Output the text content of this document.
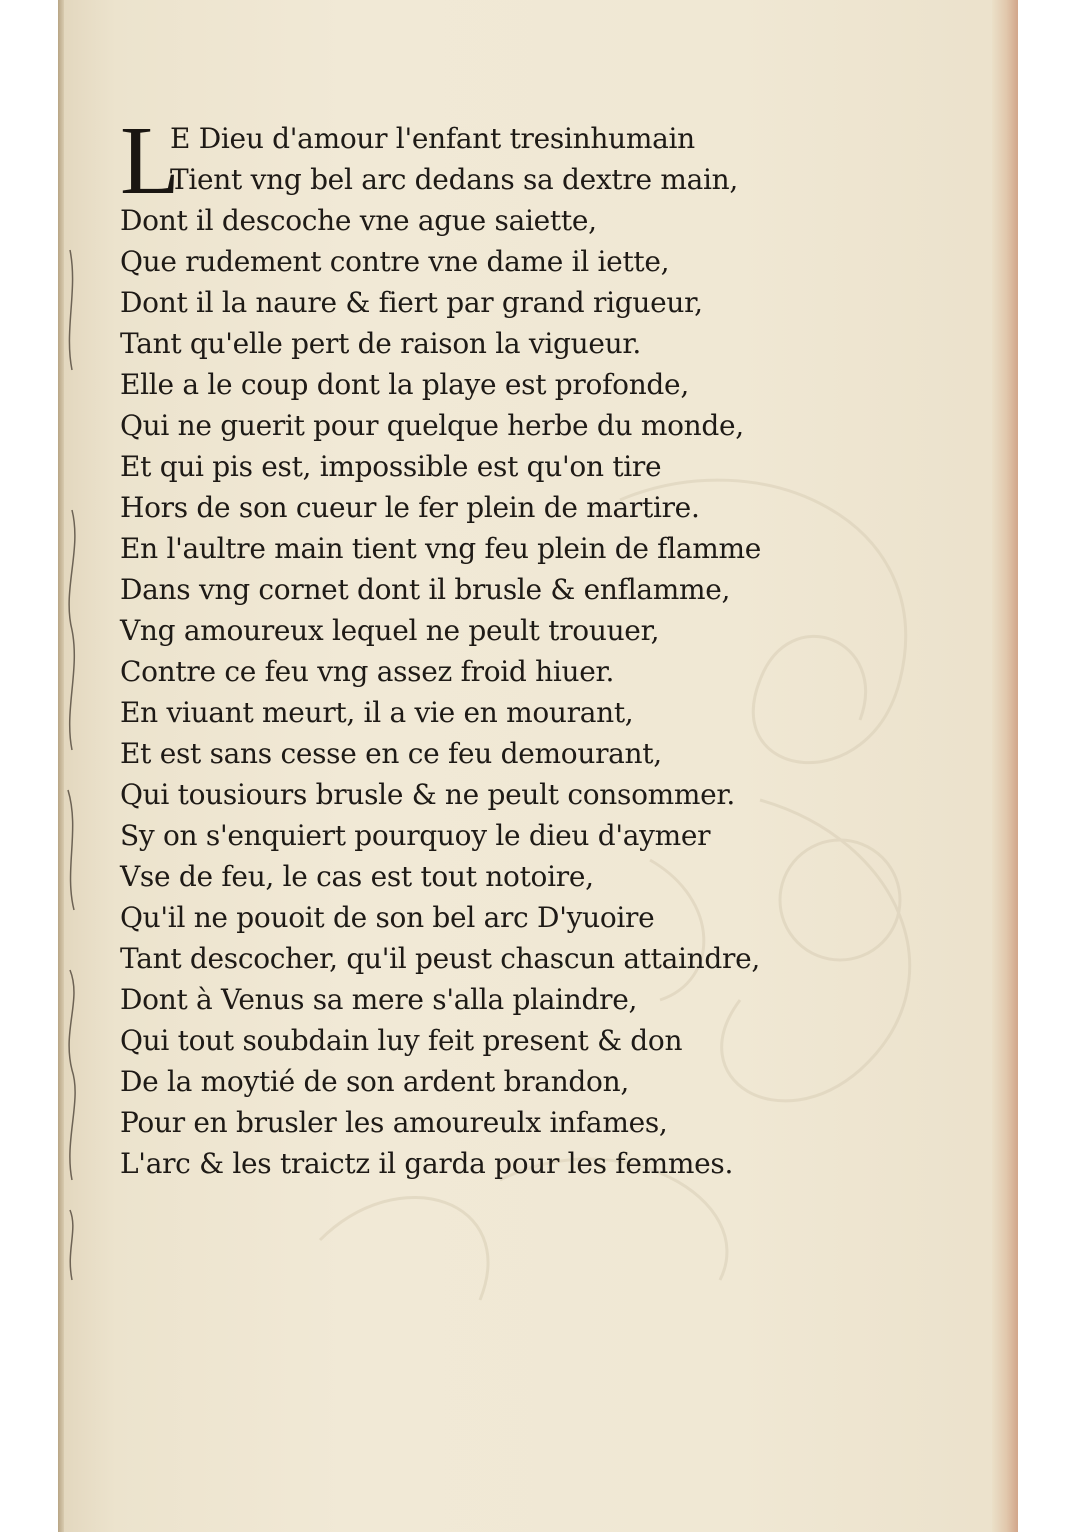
L
E Dieu d'amour l'enfant tresinhumain
Tient vng bel arc dedans sa dextre main,
Dont il descoche vne ague saiette,
Que rudement contre vne dame il iette,
Dont il la naure & fiert par grand rigueur,
Tant qu'elle pert de raison la vigueur.
Elle a le coup dont la playe est profonde,
Qui ne guerit pour quelque herbe du monde,
Et qui pis est, impossible est qu'on tire
Hors de son cueur le fer plein de martire.
En l'aultre main tient vng feu plein de flamme
Dans vng cornet dont il brusle & enflamme,
Vng amoureux lequel ne peult trouuer,
Contre ce feu vng assez froid hiuer.
En viuant meurt, il a vie en mourant,
Et est sans cesse en ce feu demourant,
Qui tousiours brusle & ne peult consommer.
Sy on s'enquiert pourquoy le dieu d'aymer
Vse de feu, le cas est tout notoire,
Qu'il ne pouoit de son bel arc D'yuoire
Tant descocher, qu'il peust chascun attaindre,
Dont à Venus sa mere s'alla plaindre,
Qui tout soubdain luy feit present & don
De la moytié de son ardent brandon,
Pour en brusler les amoureulx infames,
L'arc & les traictz il garda pour les femmes.
